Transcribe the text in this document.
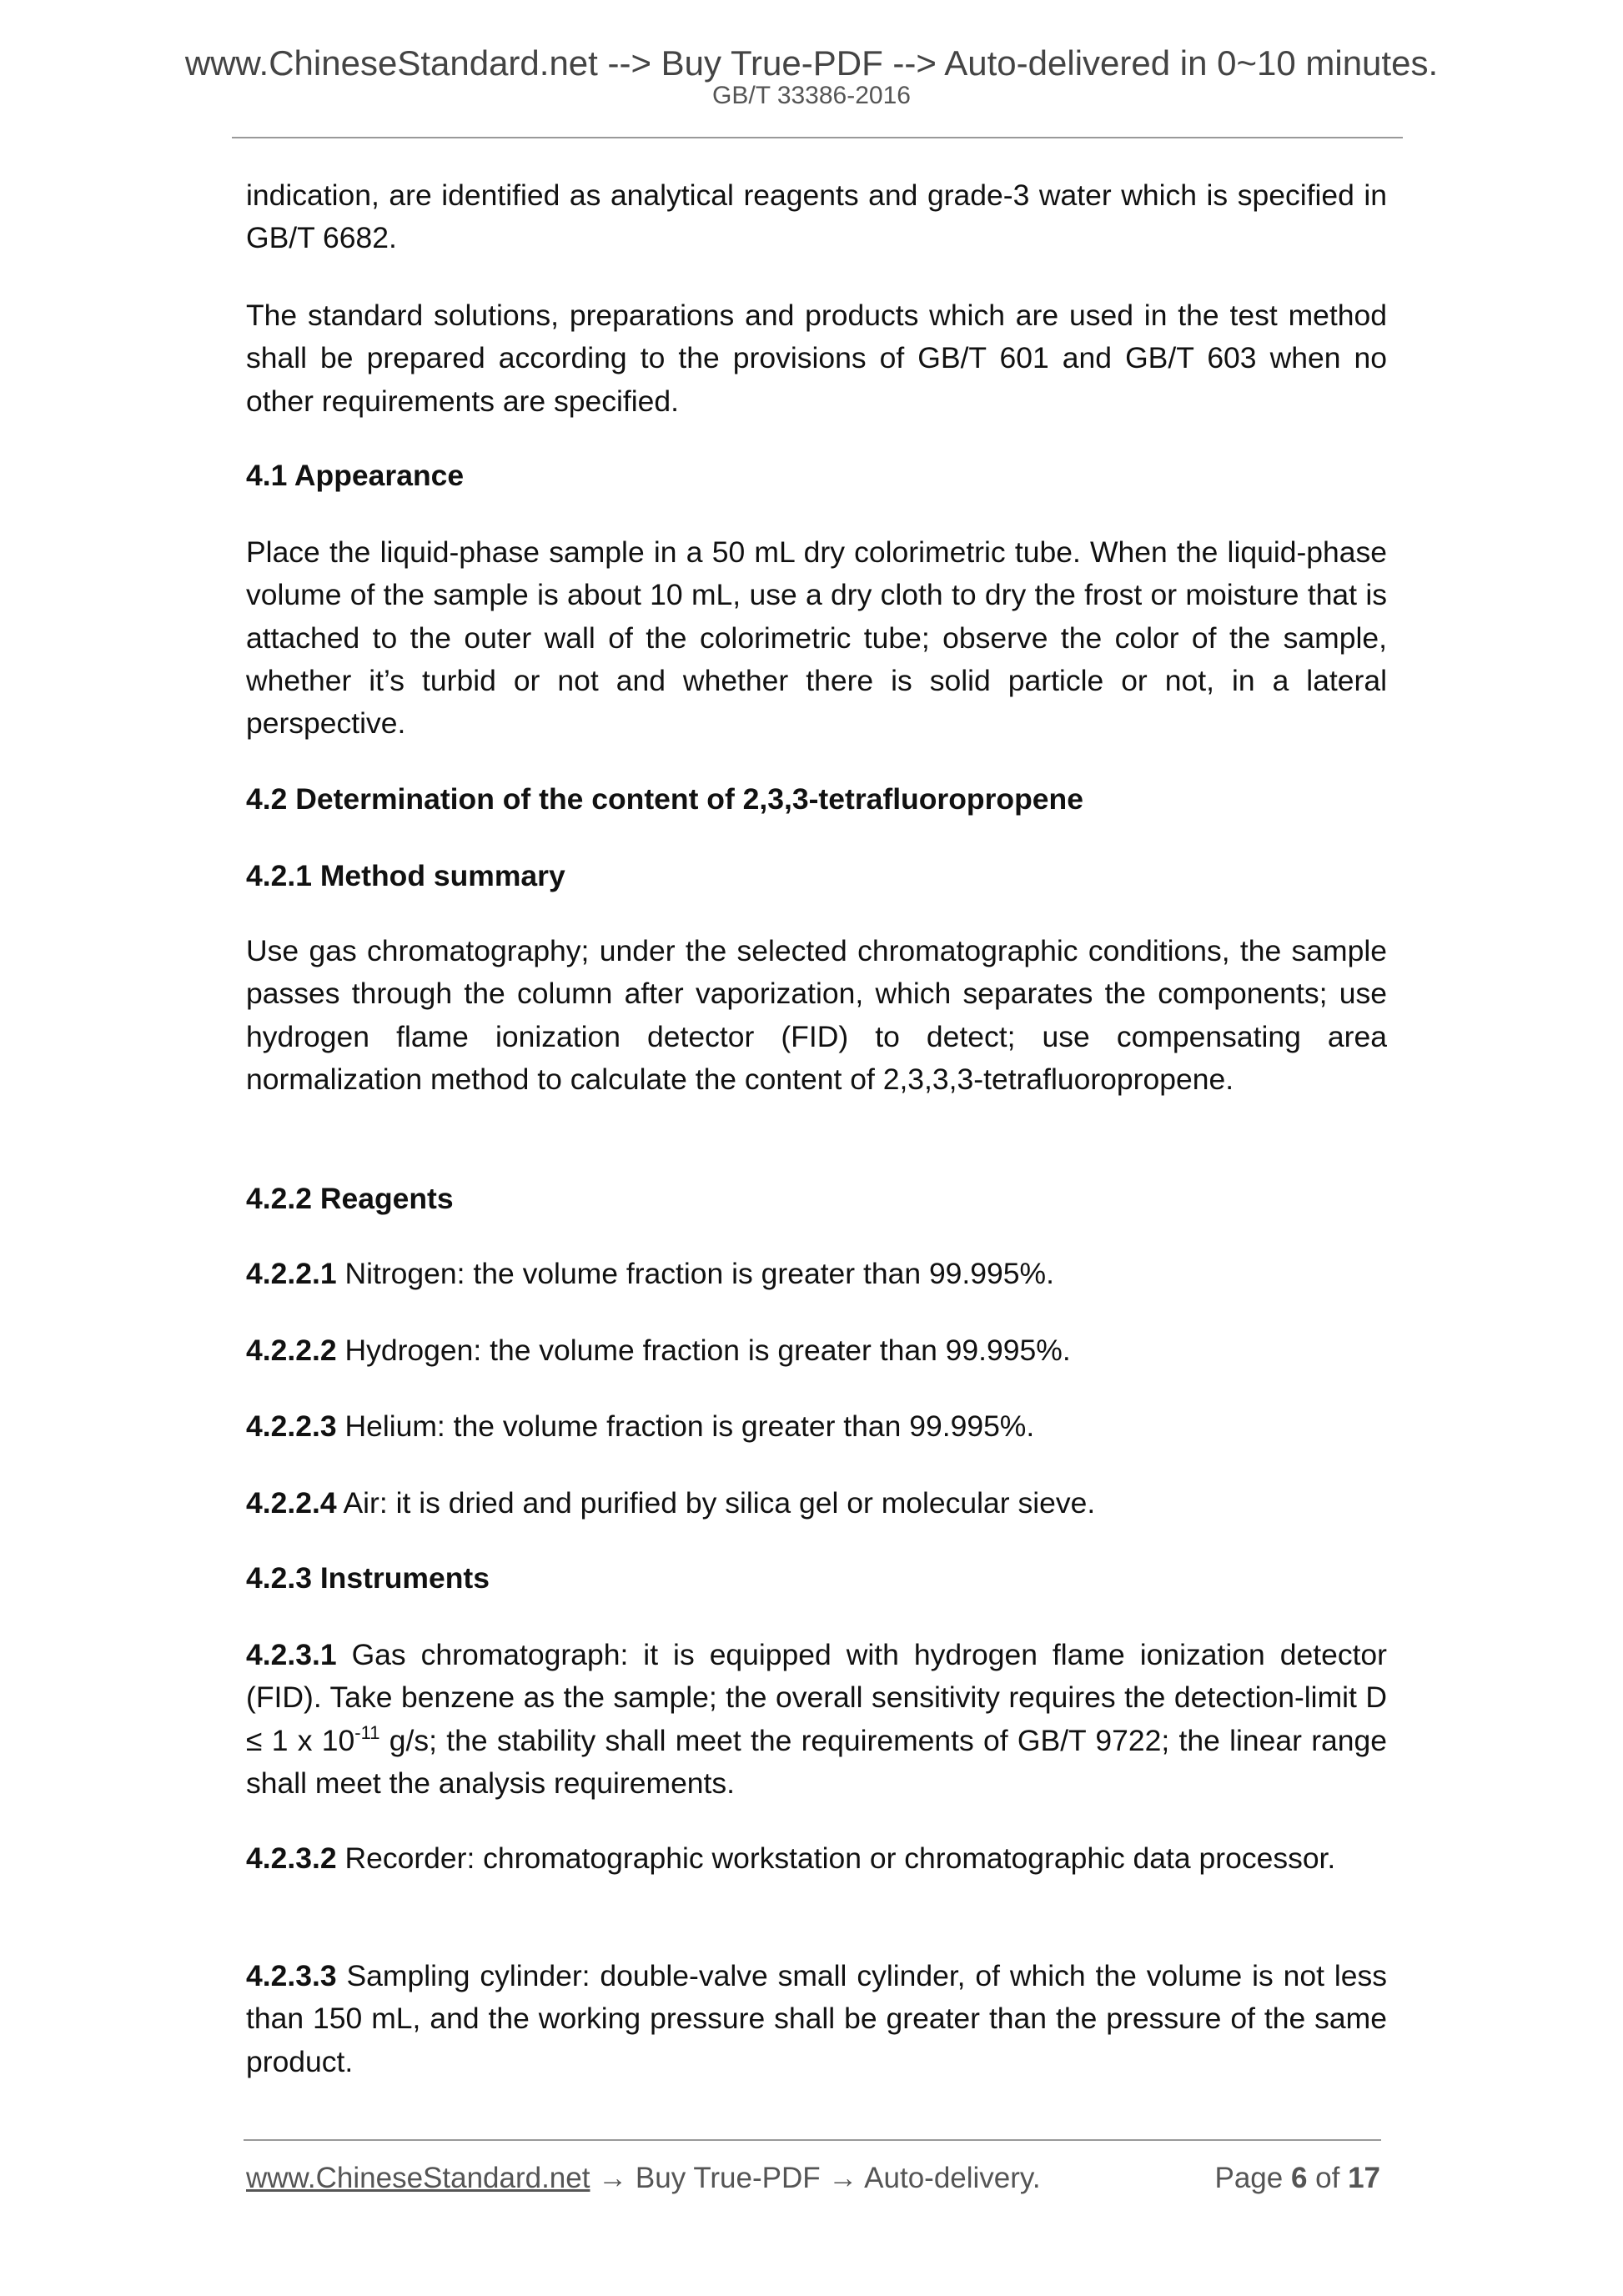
www.ChineseStandard.net --> Buy True-PDF --> Auto-delivered in 0~10 minutes.
GB/T 33386-2016
indication, are identified as analytical reagents and grade-3 water which is specified in GB/T 6682.
The standard solutions, preparations and products which are used in the test method shall be prepared according to the provisions of GB/T 601 and GB/T 603 when no other requirements are specified.
4.1 Appearance
Place the liquid-phase sample in a 50 mL dry colorimetric tube. When the liquid-phase volume of the sample is about 10 mL, use a dry cloth to dry the frost or moisture that is attached to the outer wall of the colorimetric tube; observe the color of the sample, whether it’s turbid or not and whether there is solid particle or not, in a lateral perspective.
4.2 Determination of the content of 2,3,3-tetrafluoropropene
4.2.1 Method summary
Use gas chromatography; under the selected chromatographic conditions, the sample passes through the column after vaporization, which separates the components; use hydrogen flame ionization detector (FID) to detect; use compensating area normalization method to calculate the content of 2,3,3,3-tetrafluoropropene.
4.2.2 Reagents
4.2.2.1 Nitrogen: the volume fraction is greater than 99.995%.
4.2.2.2 Hydrogen: the volume fraction is greater than 99.995%.
4.2.2.3 Helium: the volume fraction is greater than 99.995%.
4.2.2.4 Air: it is dried and purified by silica gel or molecular sieve.
4.2.3 Instruments
4.2.3.1 Gas chromatograph: it is equipped with hydrogen flame ionization detector (FID). Take benzene as the sample; the overall sensitivity requires the detection-limit D ≤ 1 x $10^{-11}$ g/s; the stability shall meet the requirements of GB/T 9722; the linear range shall meet the analysis requirements.
4.2.3.2 Recorder: chromatographic workstation or chromatographic data processor.
4.2.3.3 Sampling cylinder: double-valve small cylinder, of which the volume is not less than 150 mL, and the working pressure shall be greater than the pressure of the same product.
www.ChineseStandard.net → Buy True-PDF → Auto-delivery.	Page 6 of 17
